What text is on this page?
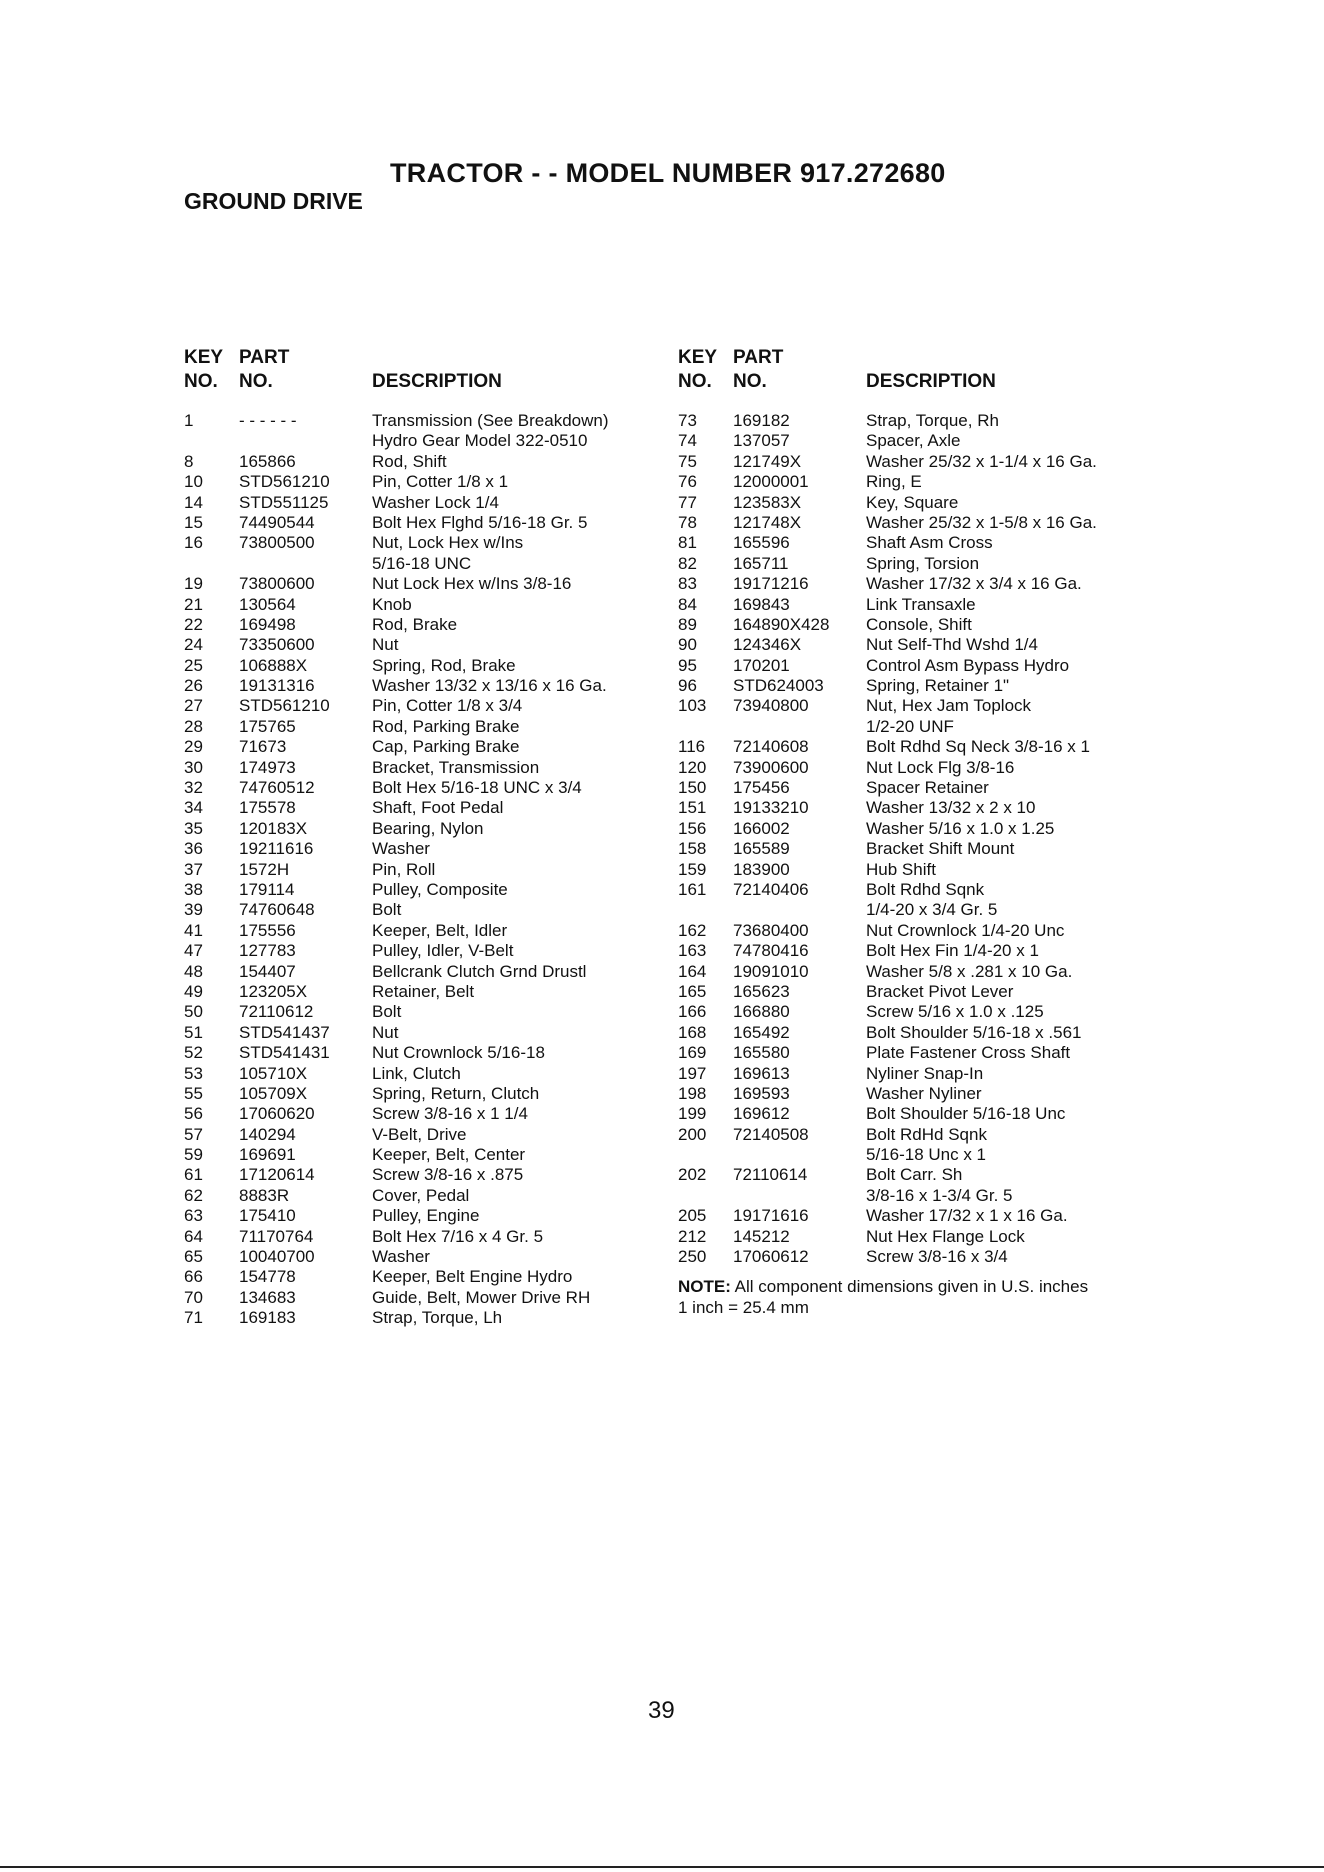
TRACTOR - - MODEL NUMBER 917.272680
GROUND DRIVE
KEY PART
NO. NO.	DESCRIPTION
1	- - - - - -	Transmission (See Breakdown)
Hydro Gear Model 322-0510
8	165866	Rod, Shift
10 STD561210 Pin, Cotter 1/8 x 1
14 STD551125	Washer Lock 1/4
15 74490544	Bolt Hex Flghd 5/16-18 Gr. 5
16 73800500	Nut, Lock Hex w/Ins
5/16-18 UNC
19 73800600	Nut Lock Hex w/Ins 3/8-16
21 130564	Knob
22 169498	Rod, Brake
24 73350600	Nut
25 106888X	Spring, Rod, Brake
26 19131316	Washer 13/32 x 13/16 x 16 Ga.
27 STD561210 Pin, Cotter 1/8 x 3/4
28 175765	Rod, Parking Brake
29 71673	Cap, Parking Brake
30 174973	Bracket, Transmission
32 74760512	Bolt Hex 5/16-18 UNC x 3/4
34 175578	Shaft, Foot Pedal
35 120183X	Bearing, Nylon
36 19211616	Washer
37 1572H	Pin, Roll
38 179114	Pulley, Composite
39 74760648	Bolt
41 175556	Keeper, Belt, Idler
47 127783	Pulley, Idler, V-Belt
48 154407	Bellcrank Clutch Grnd Drustl
49 123205X	Retainer, Belt
50 72110612	Bolt
51 STD541437 Nut
52 STD541431 Nut Crownlock 5/16-18
53 105710X	Link, Clutch
55 105709X	Spring, Return, Clutch
56 17060620	Screw 3/8-16 x 1 1/4
57 140294	V-Belt, Drive
59 169691	Keeper, Belt, Center
61 17120614	Screw 3/8-16 x .875
62 8883R	Cover, Pedal
63 175410	Pulley, Engine
64 71170764	Bolt Hex 7/16 x 4 Gr. 5
65 10040700	Washer
66 154778	Keeper, Belt Engine Hydro
70 134683	Guide, Belt, Mower Drive RH
71 169183	Strap, Torque, Lh
KEY PART
NO. NO.	DESCRIPTION
73 169182	Strap, Torque, Rh
74 137057	Spacer, Axle
75 121749X	Washer 25/32 x 1-1/4 x 16 Ga.
76 12000001	Ring, E
77 123583X	Key, Square
78 121748X	Washer 25/32 x 1-5/8 x 16 Ga.
81 165596	Shaft Asm Cross
82 165711	Spring, Torsion
83 19171216	Washer 17/32 x 3/4 x 16 Ga.
84 169843	Link Transaxle
89 164890X428 Console, Shift
90 124346X	Nut Self-Thd Wshd 1/4
95 170201	Control Asm Bypass Hydro
96 STD624003 Spring, Retainer 1"
103 73940800	Nut, Hex Jam Toplock
1/2-20 UNF
116 72140608	Bolt Rdhd Sq Neck 3/8-16 x 1
120 73900600	Nut Lock Flg 3/8-16
150 175456	Spacer Retainer
151 19133210	Washer 13/32 x 2 x 10
156 166002	Washer 5/16 x 1.0 x 1.25
158 165589	Bracket Shift Mount
159 183900	Hub Shift
161 72140406	Bolt Rdhd Sqnk
1/4-20 x 3/4 Gr. 5
162 73680400	Nut Crownlock 1/4-20 Unc
163 74780416	Bolt Hex Fin 1/4-20 x 1
164 19091010	Washer 5/8 x .281 x 10 Ga.
165 165623	Bracket Pivot Lever
166 166880	Screw 5/16 x 1.0 x .125
168 165492	Bolt Shoulder 5/16-18 x .561
169 165580	Plate Fastener Cross Shaft
197 169613	Nyliner Snap-In
198 169593	Washer Nyliner
199 169612	Bolt Shoulder 5/16-18 Unc
200 72140508	Bolt RdHd Sqnk
5/16-18 Unc x 1
202 72110614	Bolt Carr. Sh
3/8-16 x 1-3/4 Gr. 5
205 19171616	Washer 17/32 x 1 x 16 Ga.
212 145212	Nut Hex Flange Lock
250 17060612	Screw 3/8-16 x 3/4
NOTE: All component dimensions given in U.S. inches
1 inch = 25.4 mm
39
